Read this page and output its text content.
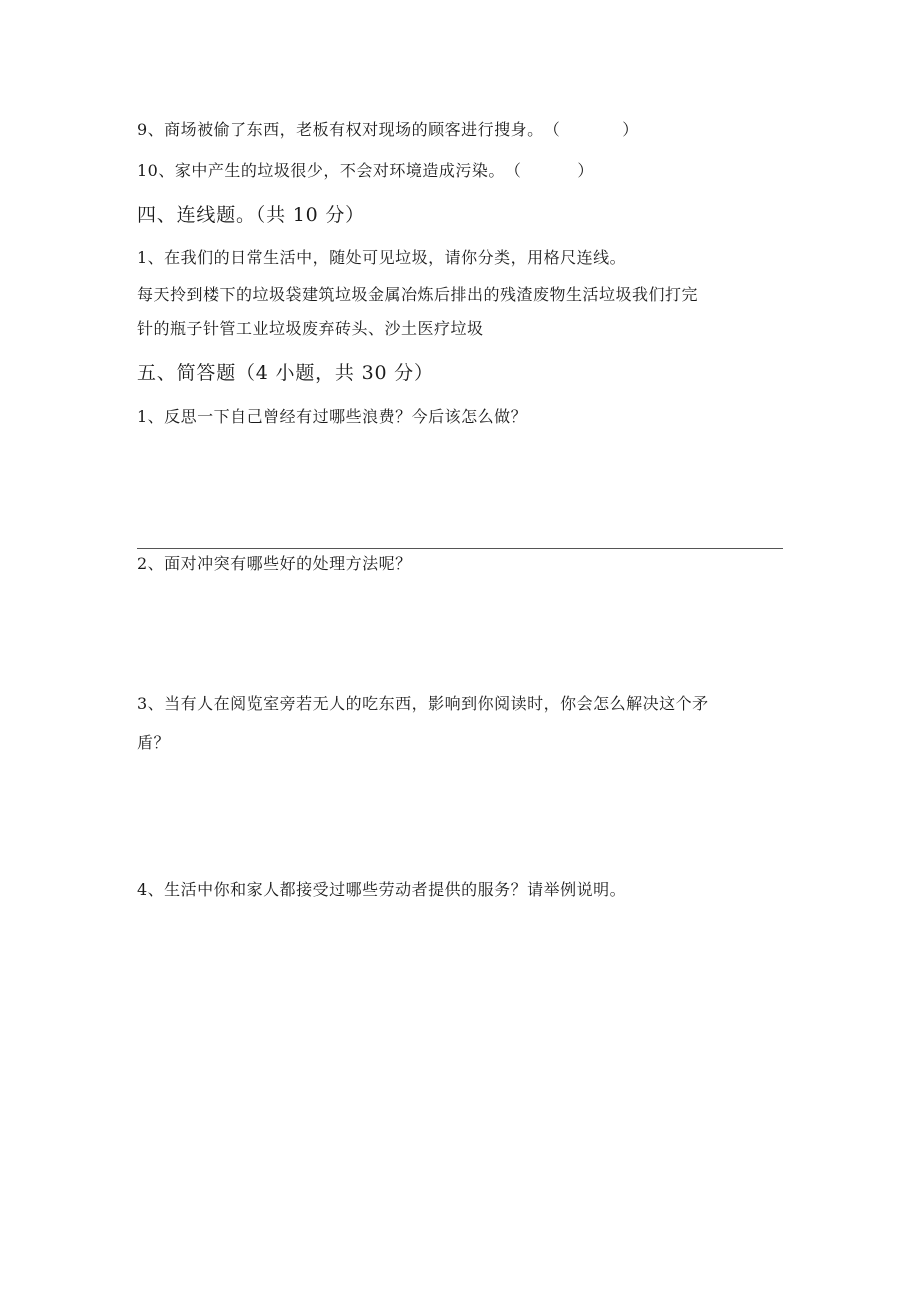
9、商场被偷了东西，老板有权对现场的顾客进行搜身。（	）
10、家中产生的垃圾很少，不会对环境造成污染。（	）
四、连线题。（共 10 分）
1、在我们的日常生活中，随处可见垃圾，请你分类，用格尺连线。
每天拎到楼下的垃圾袋建筑垃圾金属冶炼后排出的残渣废物生活垃圾我们打完
针的瓶子针管工业垃圾废弃砖头、沙土医疗垃圾
五、简答题（4 小题，共 30 分）
1、反思一下自己曾经有过哪些浪费？今后该怎么做？
2、面对冲突有哪些好的处理方法呢？
3、当有人在阅览室旁若无人的吃东西，影响到你阅读时，你会怎么解决这个矛
盾？
4、生活中你和家人都接受过哪些劳动者提供的服务？请举例说明。
